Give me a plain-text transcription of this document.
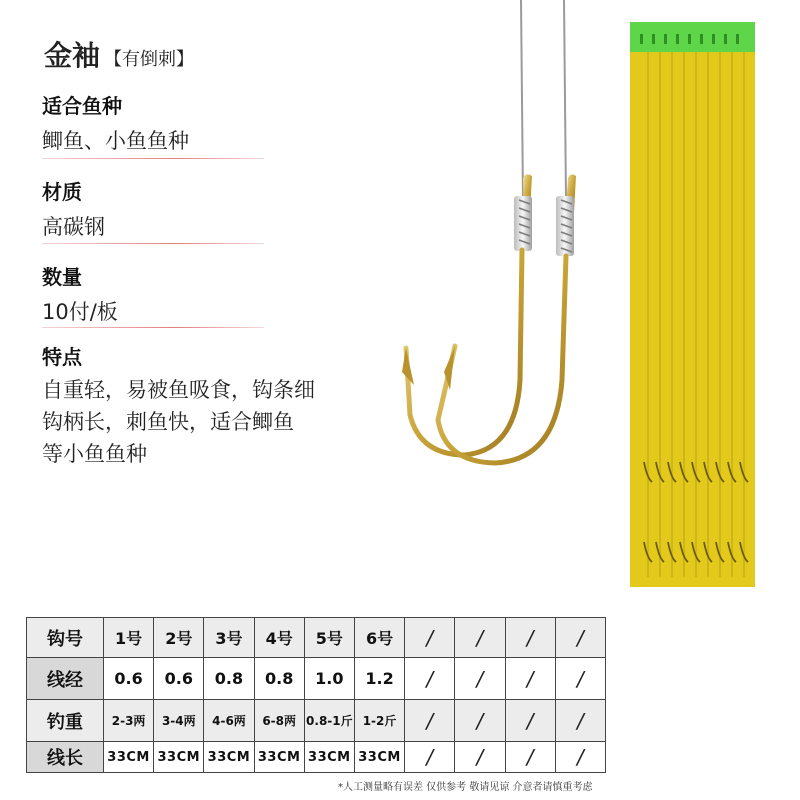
金袖 【有倒刺】
适合鱼种
鲫鱼、小鱼鱼种
材质
高碳钢
数量
10付/板
特点
自重轻，易被鱼吸食，钩条细
钩柄长，刺鱼快，适合鲫鱼
等小鱼鱼种
钩号	1号	2号	3号	4号	5号	6号	/	/	/	/
线经	0.6	0.6	0.8	0.8	1.0	1.2	/	/	/	/
钓重	2-3两	3-4两	4-6两	6-8两	0.8-1斤	1-2斤	/	/	/	/
线长	33CM	33CM	33CM	33CM	33CM	33CM	/	/	/	/
*人工测量略有误差 仅供参考 敬请见谅 介意者请慎重考虑
